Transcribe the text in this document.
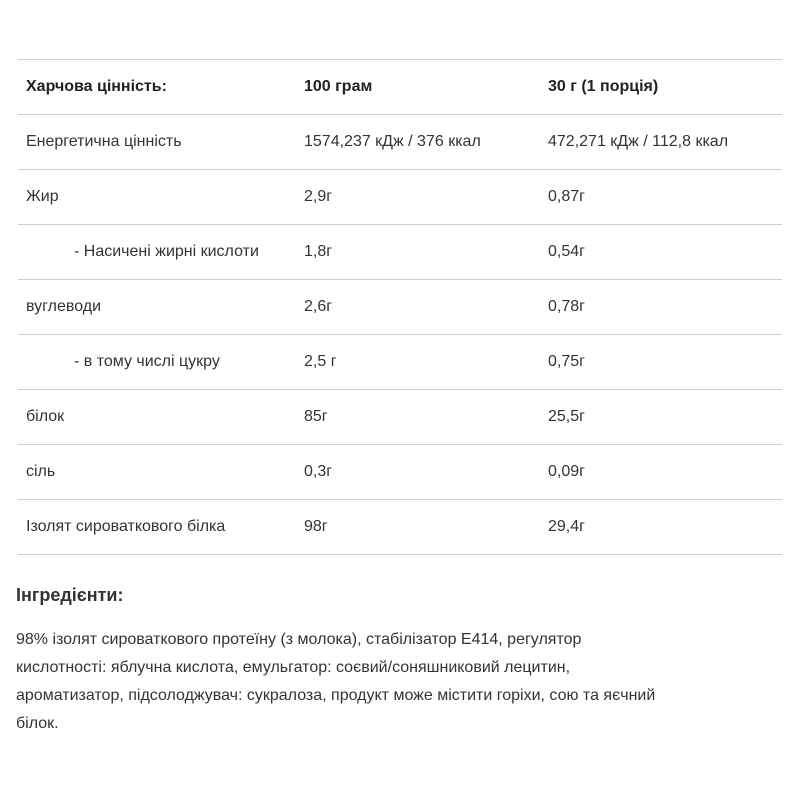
Харчова цінність:	100 грам	30 г (1 порція)
Енергетична цінність	1574,237 кДж / 376 ккал	472,271 кДж / 112,8 ккал
Жир	2,9г	0,87г
- Насичені жирні кислоти	1,8г	0,54г
вуглеводи	2,6г	0,78г
- в тому числі цукру	2,5 г	0,75г
білок	85г	25,5г
сіль	0,3г	0,09г
Ізолят сироваткового білка	98г	29,4г
Інгредієнти:
98% ізолят сироваткового протеїну (з молока), стабілізатор E414, регулятор
кислотності: яблучна кислота, емульгатор: соєвий/соняшниковий лецитин,
ароматизатор, підсолоджувач: сукралоза, продукт може містити горіхи, сою та яєчний
білок.
